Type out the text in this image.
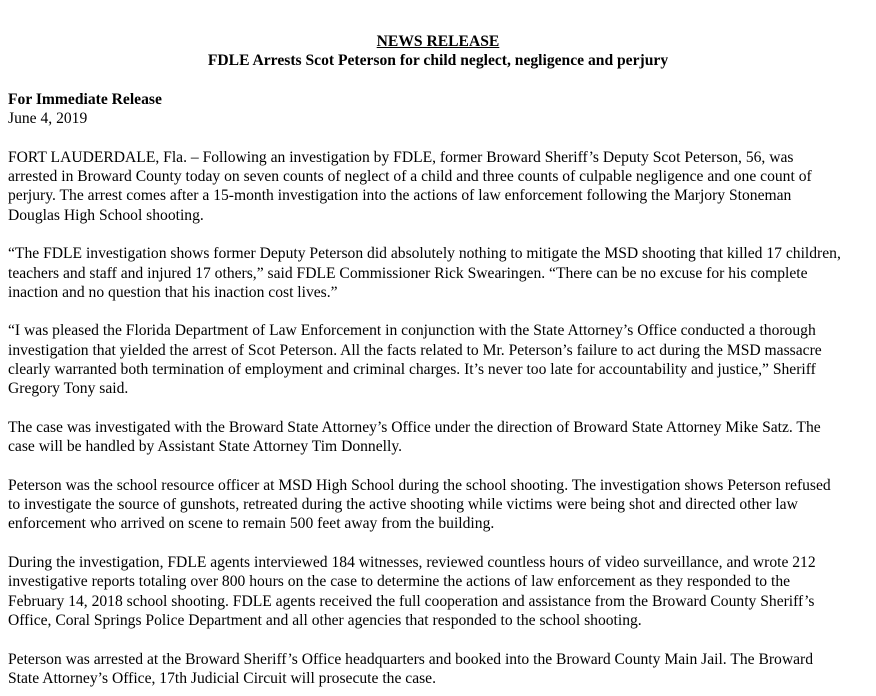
NEWS RELEASE
FDLE Arrests Scot Peterson for child neglect, negligence and perjury
For Immediate Release
June 4, 2019
FORT LAUDERDALE, Fla. – Following an investigation by FDLE, former Broward Sheriff’s Deputy Scot Peterson, 56, was
arrested in Broward County today on seven counts of neglect of a child and three counts of culpable negligence and one count of
perjury. The arrest comes after a 15-month investigation into the actions of law enforcement following the Marjory Stoneman
Douglas High School shooting.
“The FDLE investigation shows former Deputy Peterson did absolutely nothing to mitigate the MSD shooting that killed 17 children,
teachers and staff and injured 17 others,” said FDLE Commissioner Rick Swearingen. “There can be no excuse for his complete
inaction and no question that his inaction cost lives.”
“I was pleased the Florida Department of Law Enforcement in conjunction with the State Attorney’s Office conducted a thorough
investigation that yielded the arrest of Scot Peterson. All the facts related to Mr. Peterson’s failure to act during the MSD massacre
clearly warranted both termination of employment and criminal charges. It’s never too late for accountability and justice,” Sheriff
Gregory Tony said.
The case was investigated with the Broward State Attorney’s Office under the direction of Broward State Attorney Mike Satz. The
case will be handled by Assistant State Attorney Tim Donnelly.
Peterson was the school resource officer at MSD High School during the school shooting. The investigation shows Peterson refused
to investigate the source of gunshots, retreated during the active shooting while victims were being shot and directed other law
enforcement who arrived on scene to remain 500 feet away from the building.
During the investigation, FDLE agents interviewed 184 witnesses, reviewed countless hours of video surveillance, and wrote 212
investigative reports totaling over 800 hours on the case to determine the actions of law enforcement as they responded to the
February 14, 2018 school shooting. FDLE agents received the full cooperation and assistance from the Broward County Sheriff’s
Office, Coral Springs Police Department and all other agencies that responded to the school shooting.
Peterson was arrested at the Broward Sheriff’s Office headquarters and booked into the Broward County Main Jail. The Broward
State Attorney’s Office, 17th Judicial Circuit will prosecute the case.
